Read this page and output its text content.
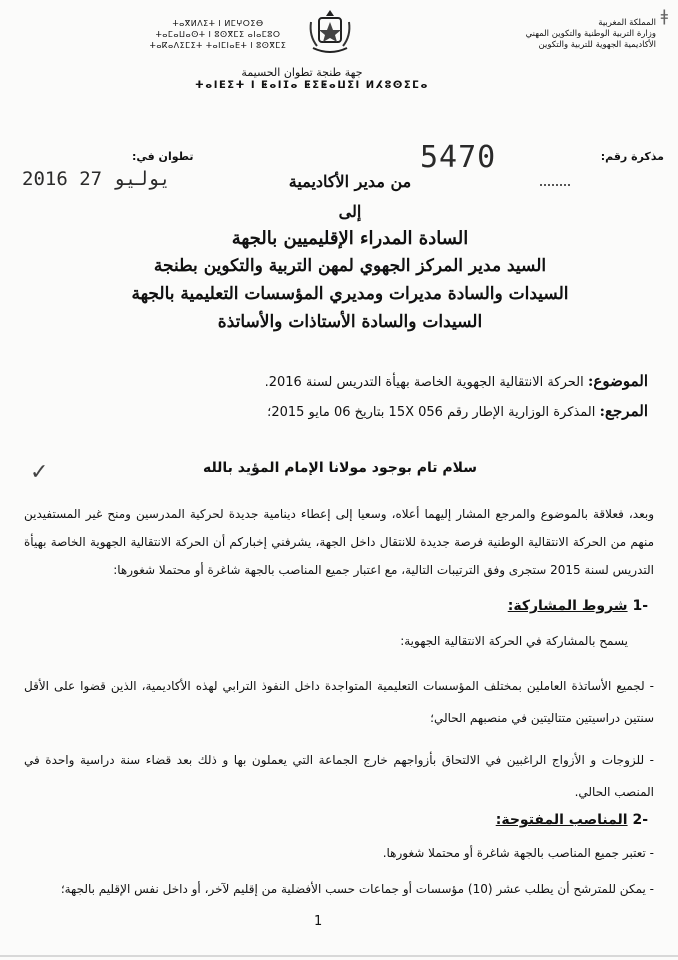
ǂ
المملكة المغربية
وزارة التربية الوطنية والتكوين المهني
الأكاديمية الجهوية للتربية والتكوين
ⵜⴰⴳⵍⴷⵉⵜ ⵏ ⵍⵎⵖⵔⵉⴱ
ⵜⴰⵎⴰⵡⴰⵙⵜ ⵏ ⵓⵙⴳⵎⵉ ⴰⵏⴰⵎⵓⵔ
ⵜⴰⴽⴰⴷⵉⵎⵉⵜ ⵜⴰⵏⵎⵏⴰⴹⵜ ⵏ ⵓⵙⴳⵎⵉ
جهة طنجة تطوان الحسيمة
ⵜⴰⵏⴹⵉⵜ ⵏ ⵟⴰⵏⵊⴰ ⵟⵉⵟⴰⵡⵉⵏ ⵍⵃⵓⵙⵉⵎⴰ
مذكرة رقم:
5470
تطوان في:
2016 يوليو 27	من مدير الأكاديمية
إلى
السادة المدراء الإقليميين بالجهة
السيد مدير المركز الجهوي لمهن التربية والتكوين بطنجة
السيدات والسادة مديرات ومديري المؤسسات التعليمية بالجهة
السيدات والسادة الأستاذات والأساتذة
الموضوع: الحركة الانتقالية الجهوية الخاصة بهيأة التدريس لسنة 2016.
المرجع: المذكرة الوزارية الإطار رقم 15X 056 بتاريخ 06 مايو 2015؛
✓	سلام تام بوجود مولانا الإمام المؤيد بالله
وبعد، فعلاقة بالموضوع والمرجع المشار إليهما أعلاه، وسعيا إلى إعطاء دينامية جديدة لحركية المدرسين ومنح غير المستفيدين منهم من الحركة الانتقالية الوطنية فرصة جديدة للانتقال داخل الجهة، يشرفني إخباركم أن الحركة الانتقالية الجهوية الخاصة بهيأة التدريس لسنة 2015 ستجرى وفق الترتيبات التالية، مع اعتبار جميع المناصب بالجهة شاغرة أو محتملا شغورها:
-1 شروط المشاركة:
يسمح بالمشاركة في الحركة الانتقالية الجهوية:
- لجميع الأساتذة العاملين بمختلف المؤسسات التعليمية المتواجدة داخل النفوذ الترابي لهذه الأكاديمية، الذين قضوا على الأقل سنتين دراسيتين متتاليتين في منصبهم الحالي؛
- للزوجات و الأزواج الراغبين في الالتحاق بأزواجهم خارج الجماعة التي يعملون بها و ذلك بعد قضاء سنة دراسية واحدة في المنصب الحالي.
-2 المناصب المفتوحة:
- تعتبر جميع المناصب بالجهة شاغرة أو محتملا شغورها.
- يمكن للمترشح أن يطلب عشر (10) مؤسسات أو جماعات حسب الأفضلية من إقليم لآخر، أو داخل نفس الإقليم بالجهة؛
1
